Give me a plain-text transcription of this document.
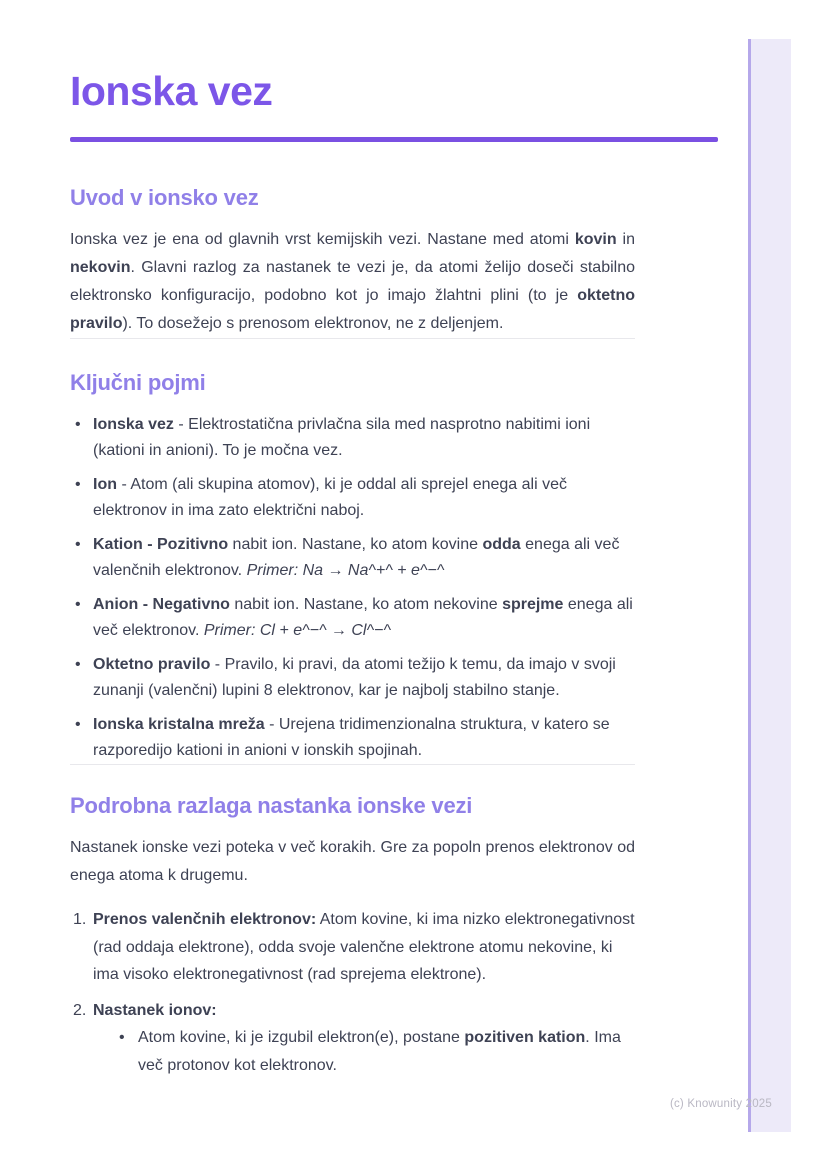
Ionska vez
Uvod v ionsko vez

Ionska vez je ena od glavnih vrst kemijskih vezi. Nastane med atomi kovin in nekovin. Glavni razlog za nastanek te vezi je, da atomi želijo doseči stabilno elektronsko konfiguracijo, podobno kot jo imajo žlahtni plini (to je oktetno pravilo). To dosežejo s prenosom elektronov, ne z deljenjem.

Ključni pojmi
• Ionska vez - Elektrostatična privlačna sila med nasprotno nabitimi ioni (kationi in anioni). To je močna vez.
• Ion - Atom (ali skupina atomov), ki je oddal ali sprejel enega ali več elektronov in ima zato električni naboj.
• Kation - Pozitivno nabit ion. Nastane, ko atom kovine odda enega ali več valenčnih elektronov. Primer: Na → Na^+^ + e^−^
• Anion - Negativno nabit ion. Nastane, ko atom nekovine sprejme enega ali več elektronov. Primer: Cl + e^−^ → Cl^−^
• Oktetno pravilo - Pravilo, ki pravi, da atomi težijo k temu, da imajo v svoji zunanji (valenčni) lupini 8 elektronov, kar je najbolj stabilno stanje.
• Ionska kristalna mreža - Urejena tridimenzionalna struktura, v katero se razporedijo kationi in anioni v ionskih spojinah.
Podrobna razlaga nastanka ionske vezi

Nastanek ionske vezi poteka v več korakih. Gre za popoln prenos elektronov od enega atoma k drugemu.

1. Prenos valenčnih elektronov: Atom kovine, ki ima nizko elektronegativnost (rad oddaja elektrone), odda svoje valenčne elektrone atomu nekovine, ki ima visoko elektronegativnost (rad sprejema elektrone).
2. Nastanek ionov:
• Atom kovine, ki je izgubil elektron(e), postane pozitiven kation. Ima več protonov kot elektronov.
(c) Knowunity 2025
